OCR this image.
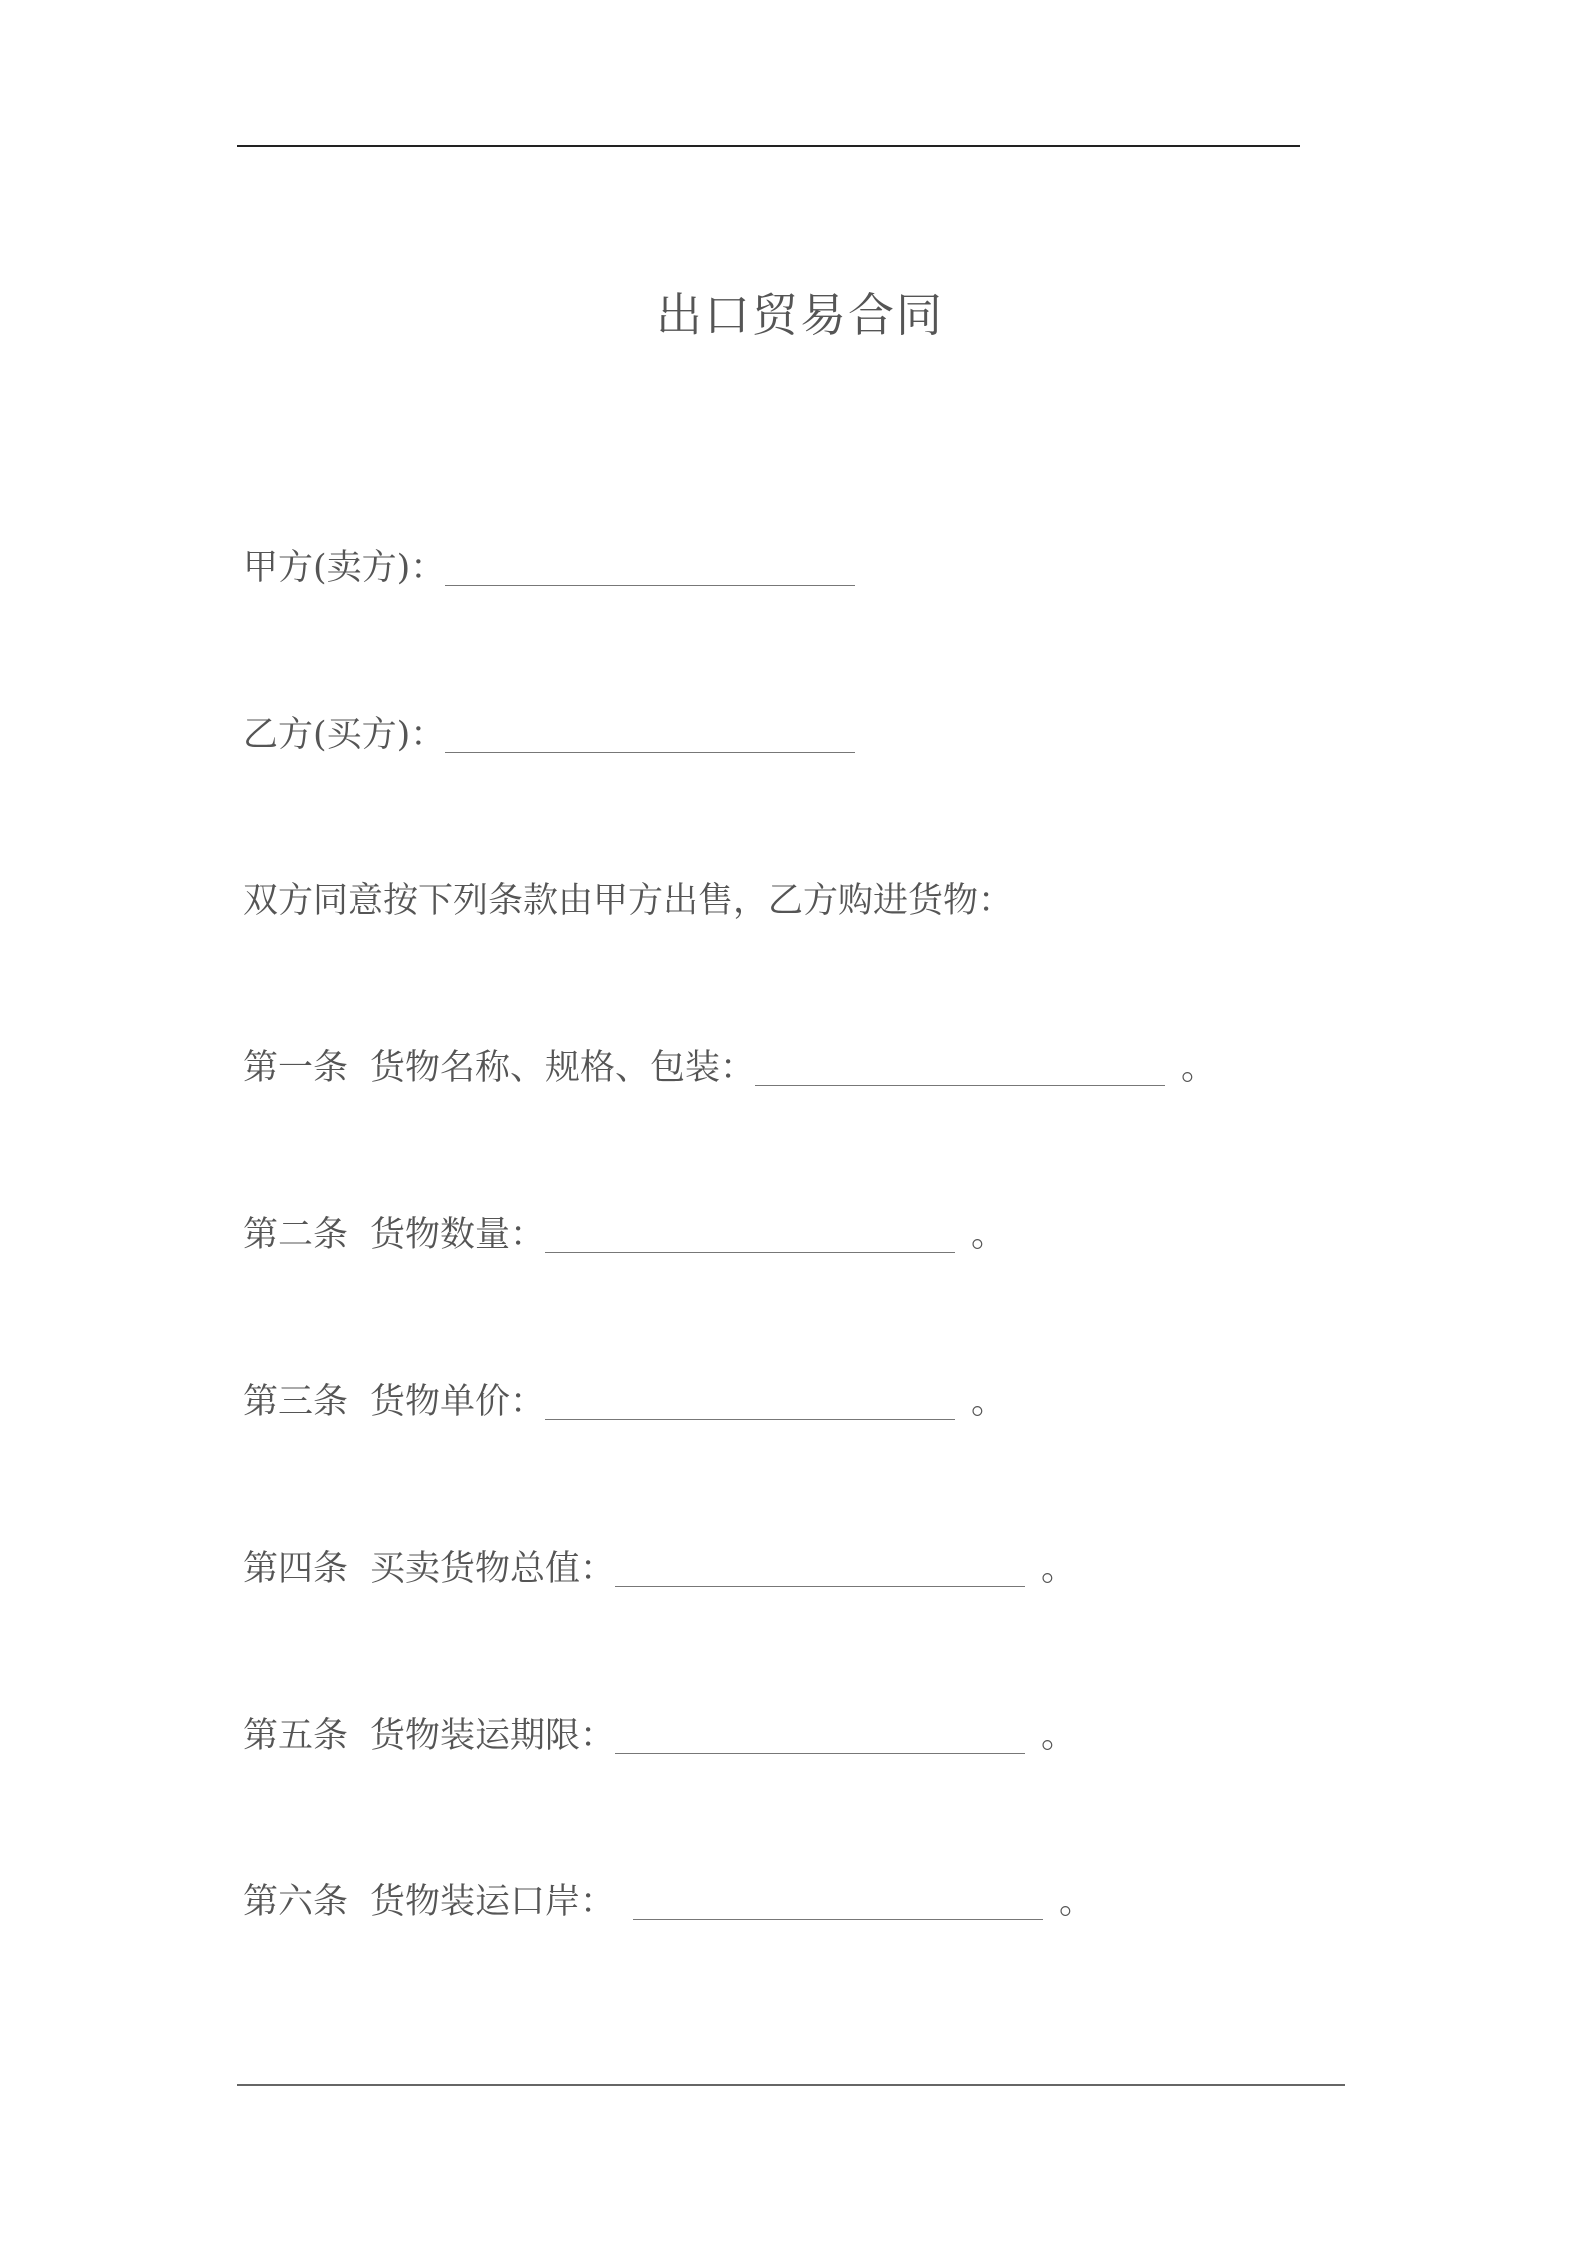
出口贸易合同
甲方(卖方)：
乙方(买方)：
双方同意按下列条款由甲方出售，乙方购进货物：
第一条 货物名称、规格、包装：	。
第二条 货物数量：	。
第三条 货物单价：	。
第四条 买卖货物总值：	。
第五条 货物装运期限：	。
第六条 货物装运口岸：	。
